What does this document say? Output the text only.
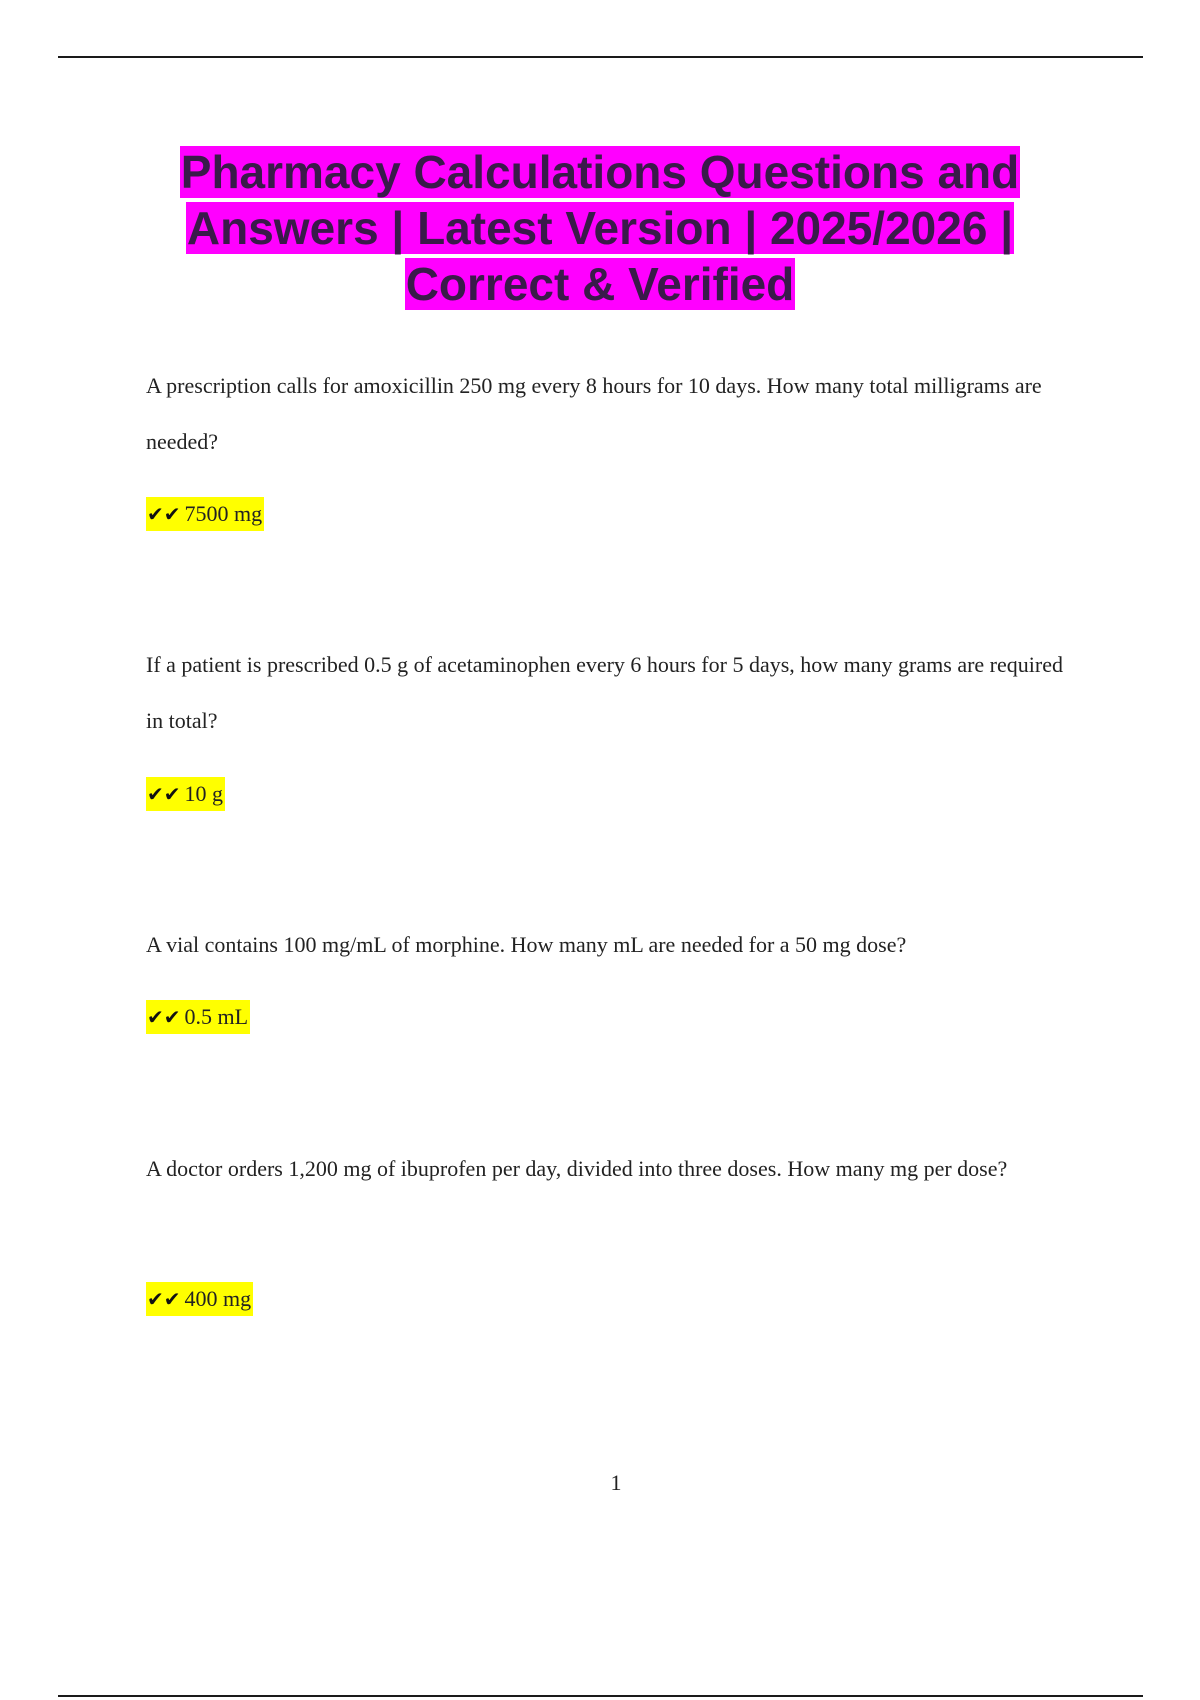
Pharmacy Calculations Questions and Answers | Latest Version | 2025/2026 | Correct & Verified
A prescription calls for amoxicillin 250 mg every 8 hours for 10 days. How many total milligrams are needed?
✔✔ 7500 mg
If a patient is prescribed 0.5 g of acetaminophen every 6 hours for 5 days, how many grams are required in total?
✔✔ 10 g
A vial contains 100 mg/mL of morphine. How many mL are needed for a 50 mg dose?
✔✔ 0.5 mL
A doctor orders 1,200 mg of ibuprofen per day, divided into three doses. How many mg per dose?
✔✔ 400 mg
1
